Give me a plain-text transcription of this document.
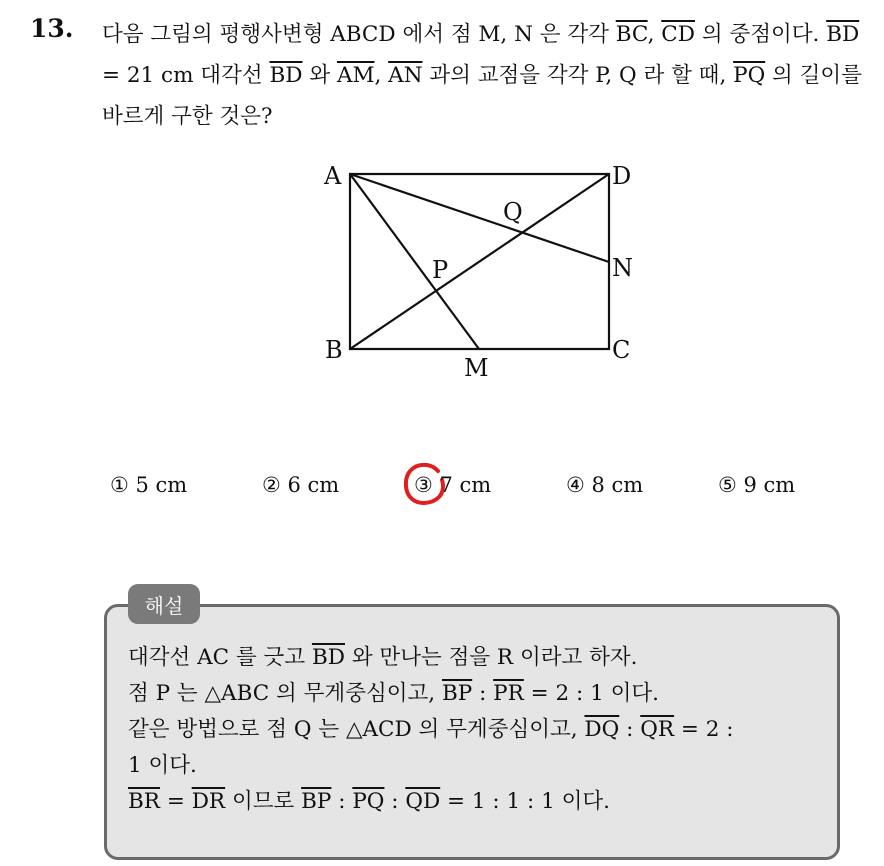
13. 다음 그림의 평행사변형 ABCD 에서 점 M, N 은 각각 $\overline{BC}$, $\overline{CD}$ 의 중점이다. $\overline{BD} = 21$ cm 대각선 $\overline{BD}$ 와 $\overline{AM}$, $\overline{AN}$ 과의 교점을 각각 P, Q 라 할 때, $\overline{PQ}$ 의 길이를 바르게 구한 것은?
A	D
Q
P	N
B	C
M
① 5 cm	② 6 cm	③ 7 cm	④ 8 cm	⑤ 9 cm
해설
대각선 AC 를 긋고 $\overline{BD}$ 와 만나는 점을 R 이라고 하자.
점 P 는 △ABC 의 무게중심이고, $\overline{BP}$ : $\overline{PR} = 2$ : 1 이다.
같은 방법으로 점 Q 는 △ACD 의 무게중심이고, $\overline{DQ}$ : $\overline{QR} = 2$ :
1 이다.
$\overline{BR} = \overline{DR}$ 이므로 $\overline{BP}$ : $\overline{PQ}$ : $\overline{QD} = 1$ : 1 : 1 이다.
